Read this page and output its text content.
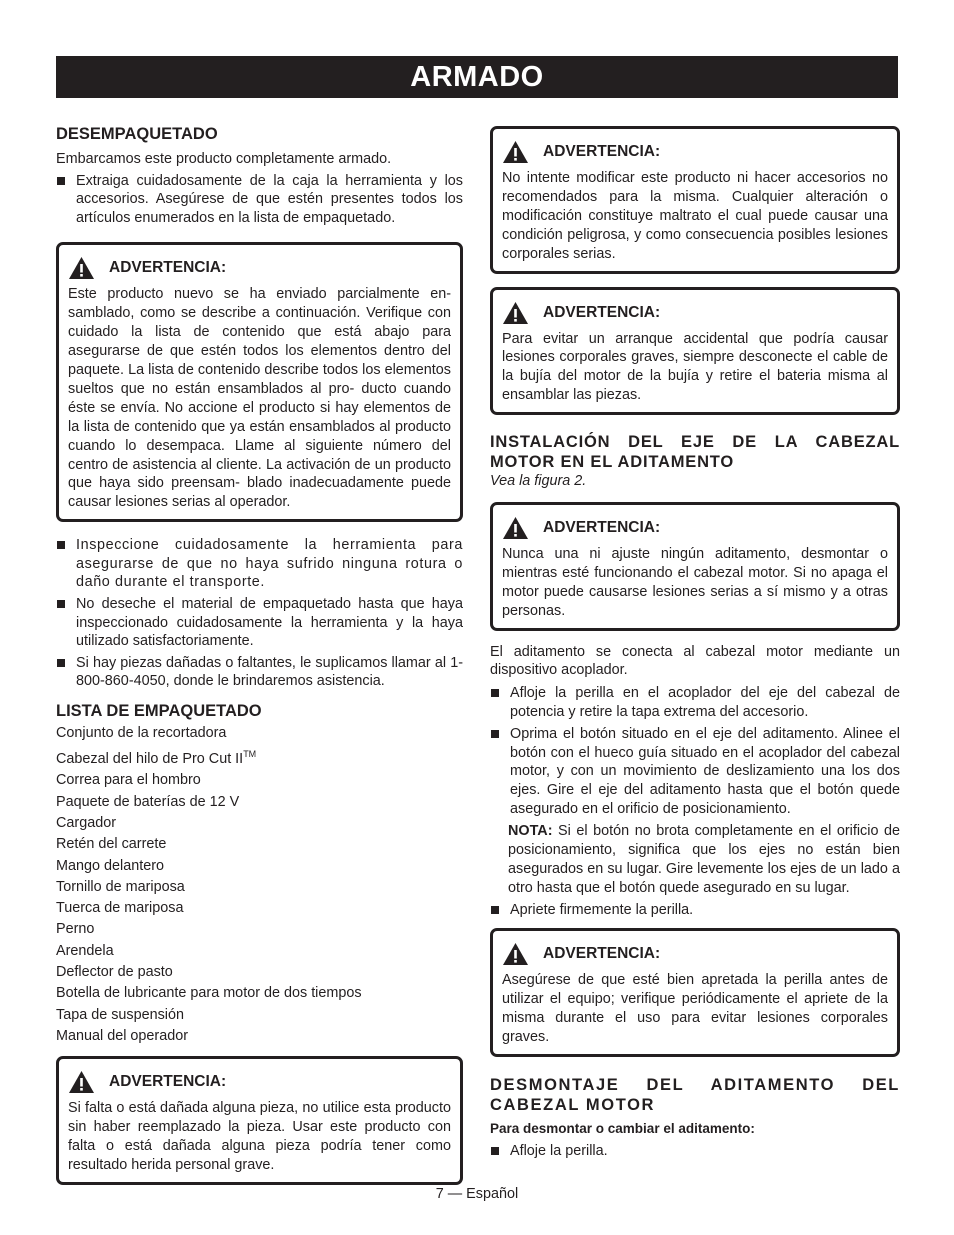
ARMADO
DESEMPAQUETADO

Embarcamos este producto completamente armado.

Extraiga cuidadosamente de la caja la herramienta y los accesorios. Asegúrese de que estén presentes todos los artículos enumerados en la lista de empaquetado.
ADVERTENCIA:

Este producto nuevo se ha enviado parcialmente en- samblado, como se describe a continuación. Verifique con cuidado la lista de contenido que está abajo para asegurarse de que estén todos los elementos dentro del paquete. La lista de contenido describe todos los elementos sueltos que no están ensamblados al pro- ducto cuando éste se envía. No accione el producto si hay elementos de la lista de contenido que ya están ensamblados al producto cuando lo desempaca. Llame al siguiente número del centro de asistencia al cliente. La activación de un producto que haya sido preensam- blado inadecuadamente puede causar lesiones serias al operador.

Inspeccione cuidadosamente la herramienta para asegurarse de que no haya sufrido ninguna rotura o daño durante el transporte.
No deseche el material de empaquetado hasta que haya inspeccionado cuidadosamente la herramienta y la haya utilizado satisfactoriamente.
Si hay piezas dañadas o faltantes, le suplicamos llamar al 1-800-860-4050, donde le brindaremos asistencia.
LISTA DE EMPAQUETADO
Conjunto de la recortadora
Cabezal del hilo de Pro Cut II™
Correa para el hombro
Paquete de baterías de 12 V
Cargador
Retén del carrete
Mango delantero
Tornillo de mariposa
Tuerca de mariposa
Perno
Arendela
Deflector de pasto
Botella de lubricante para motor de dos tiempos
Tapa de suspensión
Manual del operador
ADVERTENCIA:

Si falta o está dañada alguna pieza, no utilice esta producto sin haber reemplazado la pieza. Usar este producto con falta o está dañada alguna pieza podría tener como resultado herida personal grave.

ADVERTENCIA:

No intente modificar este producto ni hacer accesorios no recomendados para la misma. Cualquier alteración o modificación constituye maltrato el cual puede causar una condición peligrosa, y como consecuencia posibles lesiones corporales serias.

ADVERTENCIA:

Para evitar un arranque accidental que podría causar lesiones corporales graves, siempre desconecte el cable de la bujía del motor de la bujía y retire el bateria misma al ensamblar las piezas.

INSTALACIÓN DEL EJE DE LA CABEZAL MOTOR EN EL ADITAMENTO
Vea la figura 2.
ADVERTENCIA:

Nunca una ni ajuste ningún aditamento, desmontar o mientras esté funcionando el cabezal motor. Si no apaga el motor puede causarse lesiones serias a sí mismo y a otras personas.

El aditamento se conecta al cabezal motor mediante un dispositivo acoplador.

Afloje la perilla en el acoplador del eje del cabezal de potencia y retire la tapa extrema del accesorio.
Oprima el botón situado en el eje del aditamento. Alinee el botón con el hueco guía situado en el acoplador del cabezal motor, y con un movimiento de deslizamiento una los dos ejes. Gire el eje del aditamento hasta que el botón quede asegurado en el orificio de posicionamiento.
NOTA: Si el botón no brota completamente en el orificio de posicionamiento, significa que los ejes no están bien asegurados en su lugar. Gire levemente los ejes de un lado a otro hasta que el botón quede asegurado en su lugar.
Apriete firmemente la perilla.
ADVERTENCIA:

Asegúrese de que esté bien apretada la perilla antes de utilizar el equipo; verifique periódicamente el apriete de la misma durante el uso para evitar lesiones corporales graves.

DESMONTAJE DEL ADITAMENTO DEL CABEZAL MOTOR
Para desmontar o cambiar el aditamento:
Afloje la perilla.
7 — Español
